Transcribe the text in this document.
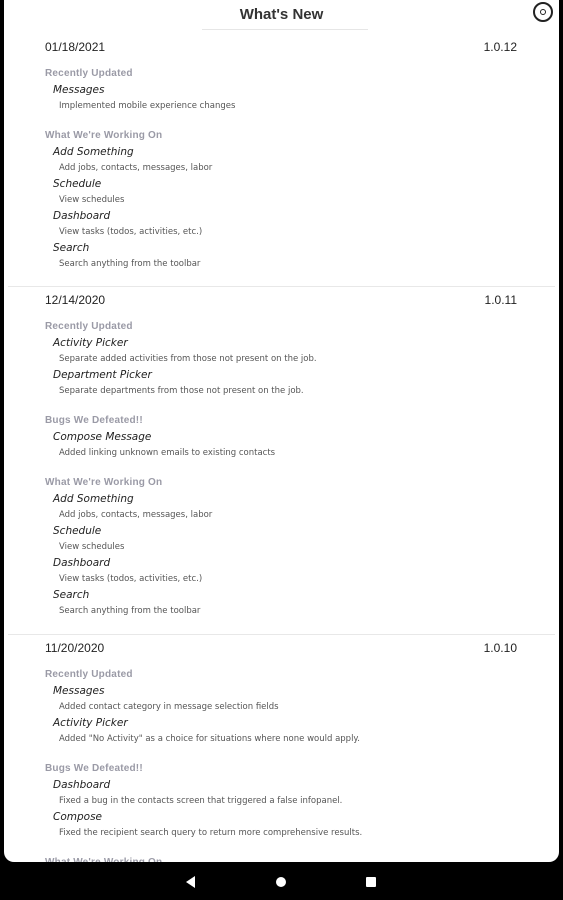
What's New
01/18/2021	1.0.12
Recently Updated
Messages
Implemented mobile experience changes
What We're Working On
Add Something
Add jobs, contacts, messages, labor
Schedule
View schedules
Dashboard
View tasks (todos, activities, etc.)
Search
Search anything from the toolbar
12/14/2020	1.0.11
Recently Updated
Activity Picker
Separate added activities from those not present on the job.
Department Picker
Separate departments from those not present on the job.
Bugs We Defeated!!
Compose Message
Added linking unknown emails to existing contacts
What We're Working On
Add Something
Add jobs, contacts, messages, labor
Schedule
View schedules
Dashboard
View tasks (todos, activities, etc.)
Search
Search anything from the toolbar
11/20/2020	1.0.10
Recently Updated
Messages
Added contact category in message selection fields
Activity Picker
Added "No Activity" as a choice for situations where none would apply.
Bugs We Defeated!!
Dashboard
Fixed a bug in the contacts screen that triggered a false infopanel.
Compose
Fixed the recipient search query to return more comprehensive results.
